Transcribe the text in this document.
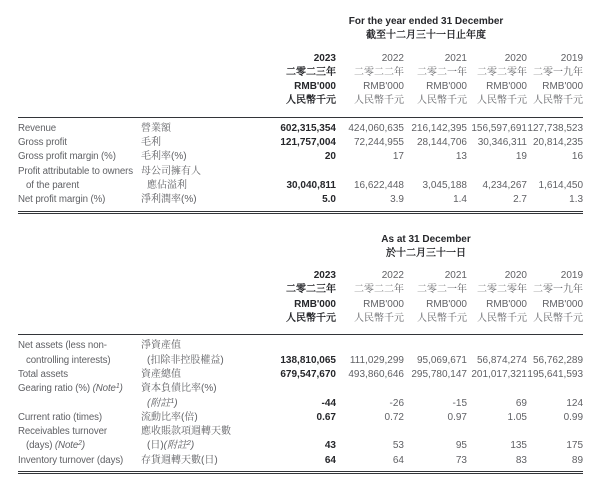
		For the year ended 31 December
截至十二月三十一日止年度				

		2023	2022	2021	2020	2019
		二零二三年	二零二二年	二零二一年	二零二零年	二零一九年
		RMB'000	RMB'000	RMB'000	RMB'000	RMB'000
		人民幣千元	人民幣千元	人民幣千元	人民幣千元	人民幣千元
Revenue	營業額	602,315,354	424,060,635	216,142,395	156,597,691	127,738,523
Gross profit	毛利	121,757,004	72,244,955	28,144,706	30,346,311	20,814,235
Gross profit margin (%)	毛利率(%)	20	17	13	19	16
Profit attributable to owners	母公司擁有人					
of the parent	應佔溢利	30,040,811	16,622,448	3,045,188	4,234,267	1,614,450
Net profit margin (%)	淨利潤率(%)	5.0	3.9	1.4	2.7	1.3

		As at 31 December
於十二月三十一日				

		2023	2022	2021	2020	2019
		二零二三年	二零二二年	二零二一年	二零二零年	二零一九年
		RMB'000	RMB'000	RMB'000	RMB'000	RMB'000
		人民幣千元	人民幣千元	人民幣千元	人民幣千元	人民幣千元
Net assets (less non-	淨資產值					
controlling interests)	(扣除非控股權益)	138,810,065	111,029,299	95,069,671	56,874,274	56,762,289
Total assets	資產總值	679,547,670	493,860,646	295,780,147	201,017,321	195,641,593
Gearing ratio (%) (Note$^1$)	資本負債比率(%)					
	(附註$^1$)	-44	-26	-15	69	124
Current ratio (times)	流動比率(倍)	0.67	0.72	0.97	1.05	0.99
Receivables turnover	應收賬款項週轉天數					
(days) (Note$^2$)	(日)(附註$^2$)	43	53	95	135	175
Inventory turnover (days)	存貨週轉天數(日)	64	64	73	83	89
